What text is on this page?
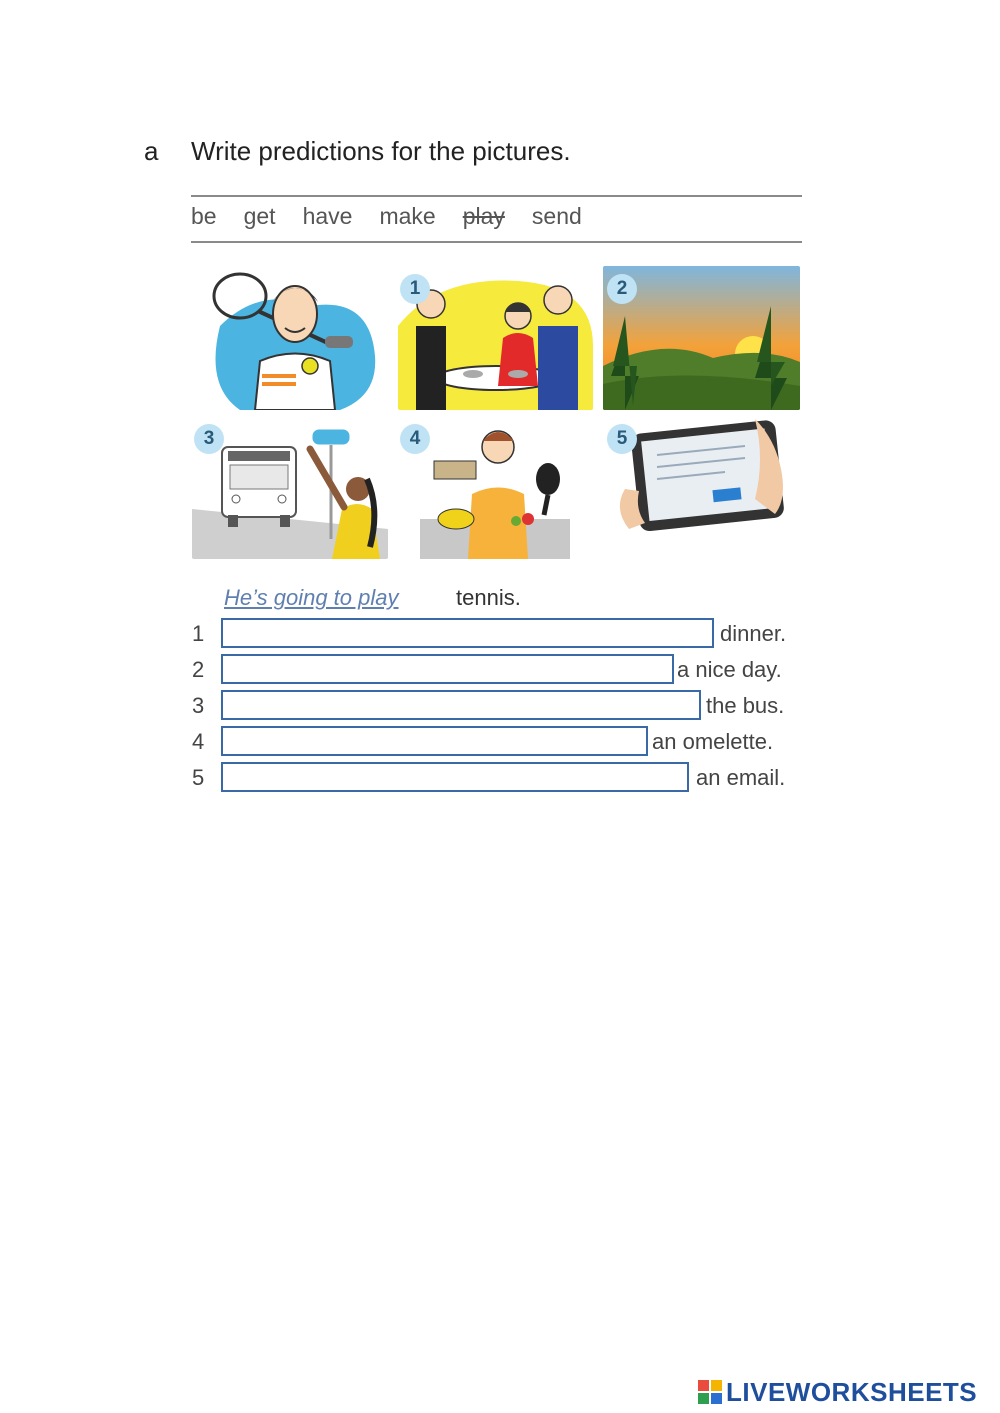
a Write predictions for the pictures.
be get have make play send
1	2
3	4	5
He’s going to play	tennis.
1	dinner.
2	a nice day.
3	the bus.
4	an omelette.
5	an email.
LIVEWORKSHEETS
